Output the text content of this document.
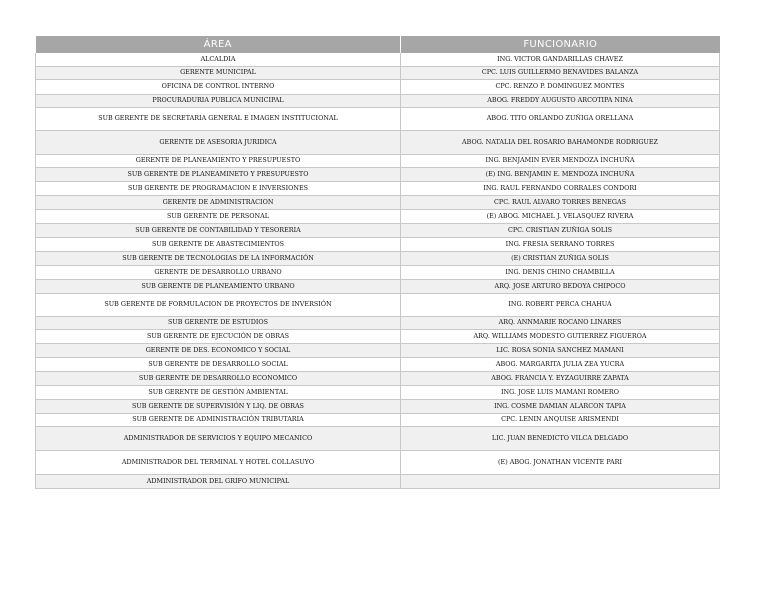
ÁREA	FUNCIONARIO
ALCALDIA	ING. VICTOR GANDARILLAS CHAVEZ
GERENTE MUNICIPAL	CPC. LUIS GUILLERMO BENAVIDES BALANZA
OFICINA DE CONTROL INTERNO	CPC. RENZO P. DOMINGUEZ MONTES
PROCURADURIA PUBLICA MUNICIPAL	ABOG. FREDDY AUGUSTO ARCOTIPA NINA
SUB GERENTE DE SECRETARIA GENERAL E IMAGEN INSTITUCIONAL	ABOG. TITO ORLANDO ZUÑIGA ORELLANA
GERENTE DE ASESORIA JURIDICA	ABOG. NATALIA DEL ROSARIO BAHAMONDE RODRIGUEZ
GERENTE DE PLANEAMIENTO Y PRESUPUESTO	ING. BENJAMIN EVER MENDOZA INCHUÑA
SUB GERENTE DE PLANEAMINETO Y PRESUPUESTO	(E) ING. BENJAMIN E. MENDOZA INCHUÑA
SUB GERENTE DE PROGRAMACION E INVERSIONES	ING. RAUL FERNANDO CORRALES CONDORI
GERENTE DE ADMINISTRACION	CPC. RAUL ALVARO TORRES BENEGAS
SUB GERENTE DE PERSONAL	(E) ABOG. MICHAEL J. VELASQUEZ RIVERA
SUB GERENTE DE CONTABILIDAD Y TESORERIA	CPC. CRISTIAN ZUÑIGA SOLIS
SUB GERENTE DE ABASTECIMIENTOS	ING. FRESIA SERRANO TORRES
SUB GERENTE DE TECNOLOGIAS DE LA INFORMACIÓN	(E) CRISTIAN ZUÑIGA SOLIS
GERENTE DE DESARROLLO URBANO	ING. DENIS CHINO CHAMBILLA
SUB GERENTE DE PLANEAMIENTO URBANO	ARQ. JOSE ARTURO BEDOYA CHIPOCO
SUB GERENTE DE FORMULACION DE PROYECTOS DE INVERSIÓN	ING. ROBERT PERCA CHAHUA
SUB GERENTE DE ESTUDIOS	ARQ. ANNMARIE ROCANO LINARES
SUB GERENTE DE EJECUCIÓN DE OBRAS	ARQ. WILLIAMS MODESTO GUTIERREZ FIGUEROA
GERENTE DE DES. ECONOMICO Y SOCIAL	LIC. ROSA SONIA SANCHEZ MAMANI
SUB GERENTE DE DESARROLLO SOCIAL	ABOG. MARGARITA JULIA ZEA YUCRA
SUB GERENTE DE DESARROLLO ECONOMICO	ABOG. FRANCIA Y. EYZAGUIRRE ZAPATA
SUB GERENTE DE GESTIÓN AMBIENTAL	ING. JOSE LUIS MAMANI ROMERO
SUB GERENTE DE SUPERVISIÓN Y LIQ. DE OBRAS	ING. COSME DAMIAN ALARCON TAPIA
SUB GERENTE DE ADMINISTRACIÓN TRIBUTARIA	CPC. LENIN ANQUISE ARISMENDI
ADMINISTRADOR DE SERVICIOS Y EQUIPO MECANICO	LIC. JUAN BENEDICTO VILCA DELGADO
ADMINISTRADOR DEL TERMINAL Y HOTEL COLLASUYO	(E) ABOG. JONATHAN VICENTE PARI
ADMINISTRADOR DEL GRIFO MUNICIPAL	
